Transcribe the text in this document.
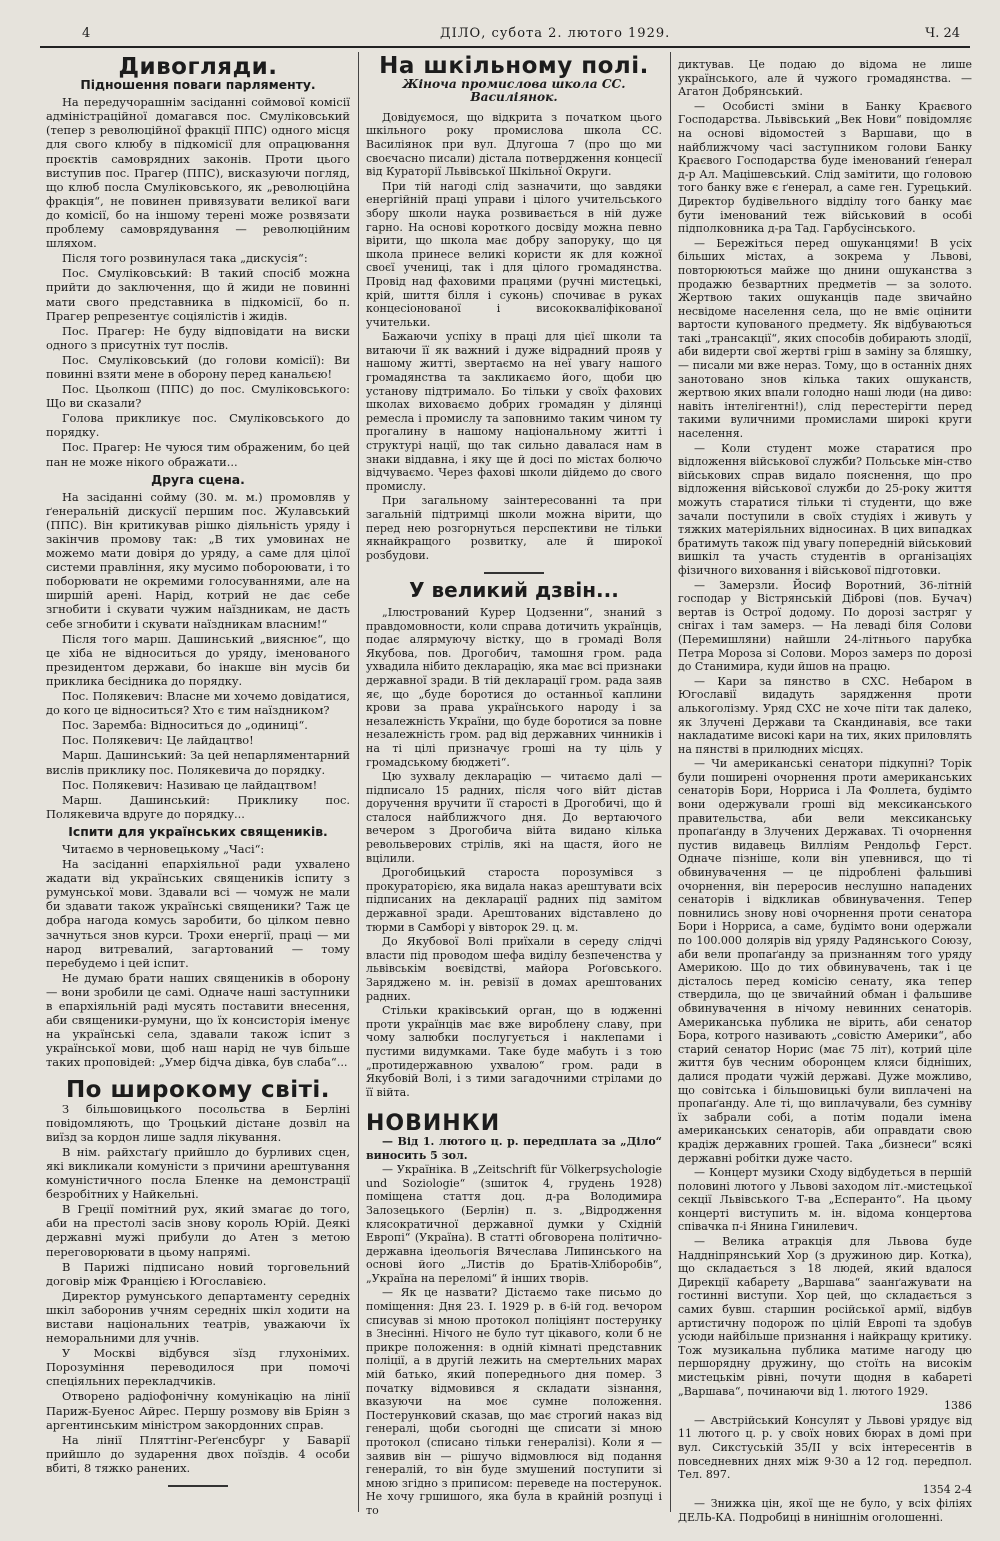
4	ДІЛО, субота 2. лютого 1929.	Ч. 24
Дивогляди.
Підношення поваги парляменту.

На передучорашнім засіданні соймової комісії адміністраційної домагався пос. Смуліковський (тепер з революційної фракції ППС) одного місця для свого клюбу в підкомісії для опрацювання проєктів самоврядних законів. Проти цього виступив пос. Прагер (ППС), висказуючи погляд, що клюб посла Смуліковського, як „революційна фракція“, не повинен привязувати великої ваги до комісії, бо на іншому терені може розвязати проблему самоврядування — революційним шляхом.

Після того розвинулася така „дискусія“:

Пос. Смуліковський: В такий спосіб можна прийти до заключення, що й жиди не повинні мати свого представника в підкомісії, бо п. Прагер репрезентує соціялістів і жидів.

Пос. Прагер: Не буду відповідати на виски одного з присутніх тут послів.

Пос. Смуліковський (до голови комісії): Ви повинні взяти мене в оборону перед канальєю!

Пос. Цьолкош (ППС) до пос. Смуліковського: Що ви сказали?

Голова прикликує пос. Смуліковського до порядку.

Пос. Прагер: Не чуюся тим ображеним, бо цей пан не може нікого ображати...

Друга сцена.

На засіданні сойму (30. м. м.) промовляв у ґенеральній дискусії першим пос. Жулавський (ППС). Він критикував рішко діяльність уряду і закінчив промову так: „В тих умовинах не можемо мати довіря до уряду, а саме для цілої системи правління, яку мусимо побороювати, і то поборювати не окремими голосуваннями, але на ширшій арені. Нарід, котрий не дає себе згнобити і скувати чужим наїздникам, не дасть себе згнобити і скувати наїздникам власним!“

Після того марш. Дашинський „вияснює“, що це хіба не відноситься до уряду, іменованого президентом держави, бо інакше він мусів би приклика бесідника до порядку.

Пос. Полякевич: Власне ми хочемо довідатися, до кого це відноситься? Хто є тим наїздником?

Пос. Заремба: Відноситься до „одиниці“.

Пос. Полякевич: Це лайдацтво!

Марш. Дашинський: За цей непарляментарний вислів приклику пос. Полякевича до порядку.

Пос. Полякевич: Називаю це лайдацтвом!

Марш. Дашинський: Приклику пос. Полякевича вдруге до порядку...

Іспити для українських священиків.

Читаємо в черновецькому „Часі“:

На засіданні епархіяльної ради ухвалено жадати від українських священиків іспиту з румунської мови. Здавали всі — чомуж не мали би здавати також українські священики? Таж це добра нагода комусь заробити, бо цілком певно зачнуться знов курси. Трохи енергії, праці — ми народ витревалий, загартований — тому перебудемо і цей іспит.

Не думаю брати наших священиків в оборону — вони зробили це самі. Одначе наші заступники в епархіяльній раді мусять поставити внесення, аби священики-румуни, що їх консисторія іменує на українські села, здавали також іспит з української мови, щоб наш нарід не чув більше таких проповідей: „Умер бідча дівка, був слаба“...

По широкому світі.

З більшовицького посольства в Берліні повідомляють, що Троцький дістане дозвіл на виїзд за кордон лише задля лікування.

В нім. райхстаґу прийшло до бурливих сцен, які викликали комуністи з причини арештування комуністичного посла Бленке на демонстрації безробітних у Найкельні.

В Греції помітний рух, який змагає до того, аби на престолі засів знову король Юрій. Деякі державні мужі прибули до Атен з метою переговорювати в цьому напрямі.

В Парижі підписано новий торговельний договір між Францією і Югославією.

Директор румунського департаменту середніх шкіл заборонив учням середніх шкіл ходити на вистави національних театрів, уважаючи їх неморальними для учнів.

У Москві відбувся зїзд глухонімих. Порозуміння переводилося при помочі спеціяльних перекладчиків.

Отворено радіофонічну комунікацію на лінії Париж-Буенос Айрес. Першу розмову вів Бріян з аргентинським міністром закордонних справ.

На лінії Пляттінг-Реґенсбург у Баварії прийшло до зударення двох поїздів. 4 особи вбиті, 8 тяжко ранених.

На шкільному полі.
Жіноча промислова школа СС. Василіянок.

Довідуємося, що відкрита з початком цього шкільного року промислова школа СС. Василіянок при вул. Длугоша 7 (про що ми своєчасно писали) дістала потвердження концесії від Кураторії Львівської Шкільної Округи.

При тій нагоді слід зазначити, що завдяки енергійній праці управи і цілого учительського збору школи наука розвивається в ній дуже гарно. На основі короткого досвіду можна певно вірити, що школа має добру запоруку, що ця школа принесе великі користи як для кожної своєї учениці, так і для цілого громадянства. Провід над фаховими працями (ручні мистецькі, крій, шиття білля і суконь) спочиває в руках концесіонованої і висококваліфікованої учительки.

Бажаючи успіху в праці для цієї школи та витаючи її як важний і дуже відрадний прояв у нашому житті, звертаємо на неї увагу нашого громадянства та закликаємо його, щоби цю установу підтримало. Бо тільки у своїх фахових школах виховаємо добрих громадян у ділянці ремесла і промислу та заповнимо таким чином ту прогалину в нашому національному житті і структурі нації, що так сильно давалася нам в знаки віддавна, і яку ще й досі по містах болючо відчуваємо. Через фахові школи дійдемо до свого промислу.

При загальному заінтересованні та при загальній підтримці школи можна вірити, що перед нею розгорнуться перспективи не тільки якнайкращого розвитку, але й широкої розбудови.

У великий дзвін...

„Ілюстрований Курер Цодзенни“, знаний з правдомовности, коли справа дотичить українців, подає алярмуючу вістку, що в громаді Воля Якубова, пов. Дрогобич, тамошня гром. рада ухвадила нібито декларацію, яка має всі признаки державної зради. В тій декларації гром. рада заяв яє, що „буде боротися до останньої каплини крови за права українського народу і за незалежність України, що буде боротися за повне незалежність гром. рад від державних чинників і на ті цілі призначує гроші на ту ціль у громадському бюджеті“.

Цю зухвалу декларацію — читаємо далі — підписало 15 радних, після чого війт дістав доручення вручити її старості в Дрогобичі, що й сталося найближчого дня. До вертаючого вечером з Дрогобича війта видано кілька револьверових стрілів, які на щастя, його не вцілили.

Дрогобицький староста порозумівся з прокураторією, яка видала наказ арештувати всіх підписаних на декларації радних під замітом державної зради. Арештованих відставлено до тюрми в Самборі у вівторок 29. ц. м.

До Якубової Волі приїхали в середу слідчі власти під проводом шефа виділу безпеченства у львівськім воєвідстві, майора Роґовського. Заряджено м. ін. ревізії в домах арештованих радних.

Стільки краківський орган, що в юдженні проти українців має вже вироблену славу, при чому залюбки послугується і наклепами і пустими видумками. Таке буде мабуть і з тою „протидержавною ухвалою“ гром. ради в Якубовій Волі, і з тими загадочними стрілами до її війта.

НОВИНКИ

— Від 1. лютого ц. р. передплата за „Діло“ виносить 5 зол.

— Україніка. В „Zeitschrift für Völkerpsychologie und Soziologie“ (зшиток 4, грудень 1928) поміщена стаття доц. д-ра Володимира Залозецького (Берлін) п. з. „Відродження клясократичної державної думки у Східній Европі“ (Україна). В статті обговорена політично-державна ідеольогія Вячеслава Липинського на основі його „Листів до Братів-Хліборобів“, „Україна на переломі“ й інших творів.

— Як це назвати? Дістаємо таке письмо до поміщення: Дня 23. І. 1929 р. в 6-ій год. вечором списував зі мною протокол поліціянт постерунку в Знесінні. Нічого не було тут цікавого, коли б не прикре положення: в одній кімнаті представник поліції, а в другій лежить на смертельних марах мій батько, який попереднього дня помер. З початку відмовився я складати зізнання, вказуючи на моє сумне положення. Постерунковий сказав, що має строгий наказ від генералі, щоби сьогодні ще списати зі мною протокол (списано тільки генералізі). Коли я — заявив він — рішучо відмовлюся від подання генералій, то він буде змушений поступити зі мною згідно з приписом: переведе на постерунок. Не хочу гршишого, яка була в крайній розпуці і то

диктував. Це подаю до відома не лише українського, але й чужого громадянства. — Агатон Добрянський.

— Особисті зміни в Банку Краєвого Господарства. Львівський „Век Нови“ повідомляє на основі відомостей з Варшави, що в найближчому часі заступником голови Банку Краєвого Господарства буде іменований ґенерал д-р Ал. Мацішевський. Слід замітити, що головою того банку вже є ґенерал, а саме ген. Гурецький. Директор будівельного відділу того банку має бути іменований теж військовий в особі підполковника д-ра Тад. Гарбусінського.

— Бережіться перед ошуканцями! В усіх більших містах, а зокрема у Львові, повторюються майже що днини ошуканства з продажю безвартних предметів — за золото. Жертвою таких ошуканців паде звичайно несвідоме населення села, що не вміє оцінити вартости купованого предмету. Як відбуваються такі „трансакції“, яких способів добирають злодії, аби видерти свої жертві гріш в заміну за бляшку, — писали ми вже нераз. Тому, що в останніх днях занотовано знов кілька таких ошуканств, жертвою яких впали голодно наші люди (на диво: навіть інтелігентні!), слід перестерігти перед такими вуличними промислами широкі круги населення.

— Коли студент може старатися про відложення військової служби? Польське мін-ство військових справ видало пояснення, що про відложення військової служби до 25-року життя можуть старатися тільки ті студенти, що вже зачали поступили в своїх студіях і живуть у тяжких матеріяльних відносинах. В цих випадках братимуть також під увагу попередній військовий вишкіл та участь студентів в організаціях фізичного виховання і військової підготовки.

— Замерзли. Йосиф Воротний, 36-літній господар у Вістрянській Діброві (пов. Бучач) вертав із Острої додому. По дорозі застряг у снігах і там замерз. — На леваді біля Солови (Перемишляни) найшли 24-літнього парубка Петра Мороза зі Солови. Мороз замерз по дорозі до Станимира, куди йшов на працю.

— Кари за пянство в СХС. Небаром в Югославії видадуть зарядження проти алькоголізму. Уряд СХС не хоче піти так далеко, як Злучені Держави та Скандинавія, все таки накладатиме високі кари на тих, яких приловлять на пянстві в прилюдних місцях.

— Чи американські сенатори підкупні? Торік були поширені очорнення проти американських сенаторів Бори, Норриса і Ла Фоллета, будімто вони одержували гроші від мексиканського правительства, аби вели мексиканську пропаґанду в Злучених Державах. Ті очорнення пустив видавець Вилліям Рендольф Герст. Одначе пізніше, коли він упевнився, що ті обвинувачення — це підроблені фальшиві очорнення, він переросив неслушно нападених сенаторів і відкликав обвинувачення. Тепер повнились знову нові очорнення проти сенатора Бори і Норриса, а саме, будімто вони одержали по 100.000 долярів від уряду Радянського Союзу, аби вели пропаґанду за признанням того уряду Америкою. Що до тих обвинувачень, так і це дісталось перед комісію сенату, яка тепер ствердила, що це звичайний обман і фальшиве обвинувачення в нічому невинних сенаторів. Американська публика не вірить, аби сенатор Бора, котрого називають „совістю Америки“, або старий сенатор Норис (має 75 літ), котрий ціле життя був чесним оборонцем кляси бідніших, далися продати чужій державі. Дуже можливо, що совітська і більшовицькі були виплачені на пропаґанду. Але ті, що виплачували, без сумніву їх забрали собі, а потім подали імена американських сенаторів, аби оправдати свою крадіж державних грошей. Така „бизнеси“ всякі державні робітки дуже часто.

— Концерт музики Сходу відбудеться в першій половині лютого у Львові заходом літ.-мистецької секції Львівського Т-ва „Есперанто“. На цьому концерті виступить м. ін. відома концертова співачка п-і Янина Гинилевич.

— Велика атракція для Львова буде Наддніпрянський Хор (з дружиною дир. Котка), що складається з 18 людей, який вдалося Дирекції кабарету „Варшава“ заанґажувати на гостинні виступи. Хор цей, що складається з самих бувш. старшин російської армії, відбув артистичну подорож по цілій Европі та здобув усюди найбільше признання і найкращу критику. Тож музикальна публика матиме нагоду цю першорядну дружину, що стоїть на високім мистецькім рівні, почути щодня в кабареті „Варшава“, починаючи від 1. лютого 1929.

1386

— Австрійський Консулят у Львові урядує від 11 лютого ц. р. у своїх нових бюрах в домі при вул. Сикстуській 35/ІІ у всіх інтересентів в повседневних днях між 9·30 а 12 год. передпол. Тел. 897.

1354 2-4

— Знижка цін, якої ще не було, у всіх філіях ДЕЛЬ-КА. Подробиці в нинішнім оголошенні.
